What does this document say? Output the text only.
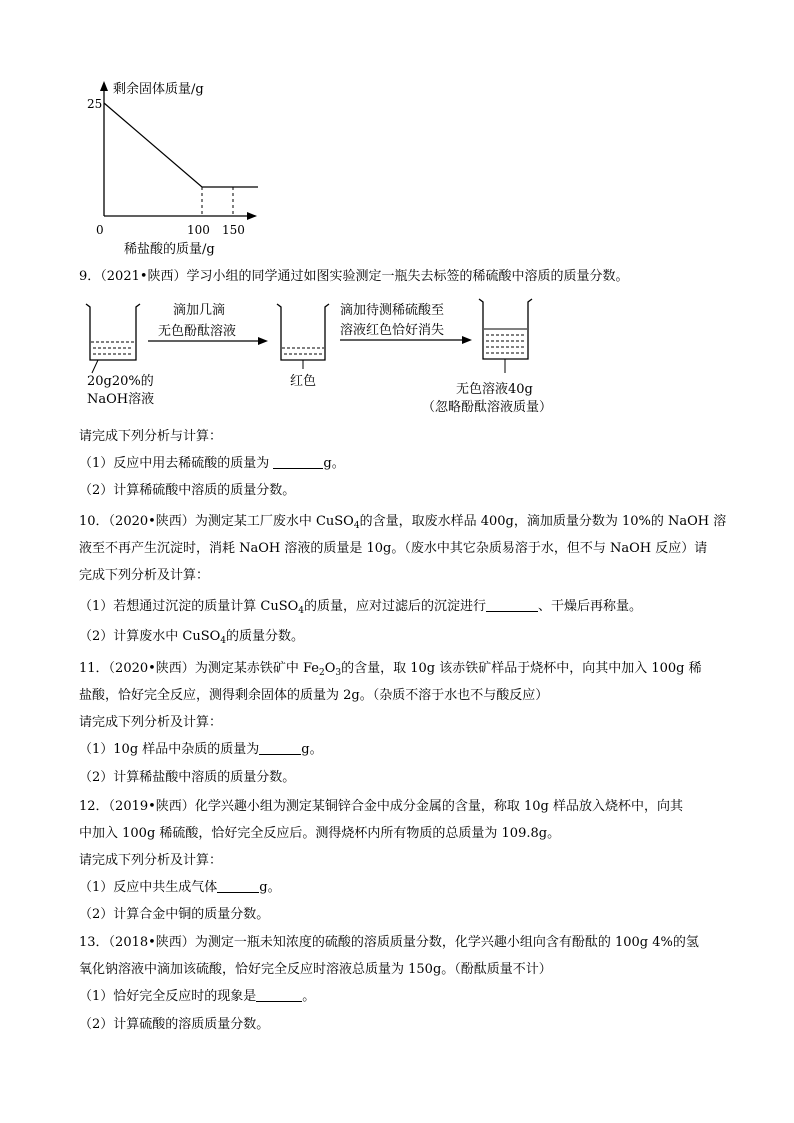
剩余固体质量/g
25
0	100 150
稀盐酸的质量/g
9．（2021•陕西）学习小组的同学通过如图实验测定一瓶失去标签的稀硫酸中溶质的质量分数。
20g20%的
NaOH溶液
滴加几滴
无色酚酞溶液
红色
滴加待测稀硫酸至
溶液红色恰好消失
无色溶液40g
（忽略酚酞溶液质量）
请完成下列分析与计算：
（1）反应中用去稀硫酸的质量为	g。
（2）计算稀硫酸中溶质的质量分数。
10．（2020•陕西）为测定某工厂废水中 CuSO$_4$的含量，取废水样品 400g，滴加质量分数为 10%的 NaOH 溶
液至不再产生沉淀时，消耗 NaOH 溶液的质量是 10g。（废水中其它杂质易溶于水，但不与 NaOH 反应）请
完成下列分析及计算：
（1）若想通过沉淀的质量计算 CuSO$_4$的质量，应对过滤后的沉淀进行	、干燥后再称量。
（2）计算废水中 CuSO$_4$的质量分数。
11．（2020•陕西）为测定某赤铁矿中 $Fe_2O_3$的含量，取 10g 该赤铁矿样品于烧杯中，向其中加入 100g 稀
盐酸，恰好完全反应，测得剩余固体的质量为 2g。（杂质不溶于水也不与酸反应）
请完成下列分析及计算：
（1）10g 样品中杂质的质量为	g。
（2）计算稀盐酸中溶质的质量分数。
12．（2019•陕西）化学兴趣小组为测定某铜锌合金中成分金属的含量，称取 10g 样品放入烧杯中，向其
中加入 100g 稀硫酸，恰好完全反应后。测得烧杯内所有物质的总质量为 109.8g。
请完成下列分析及计算：
（1）反应中共生成气体	g。
（2）计算合金中铜的质量分数。
13．（2018•陕西）为测定一瓶未知浓度的硫酸的溶质质量分数，化学兴趣小组向含有酚酞的 100g 4%的氢
氧化钠溶液中滴加该硫酸，恰好完全反应时溶液总质量为 150g。（酚酞质量不计）
（1）恰好完全反应时的现象是	。
（2）计算硫酸的溶质质量分数。
